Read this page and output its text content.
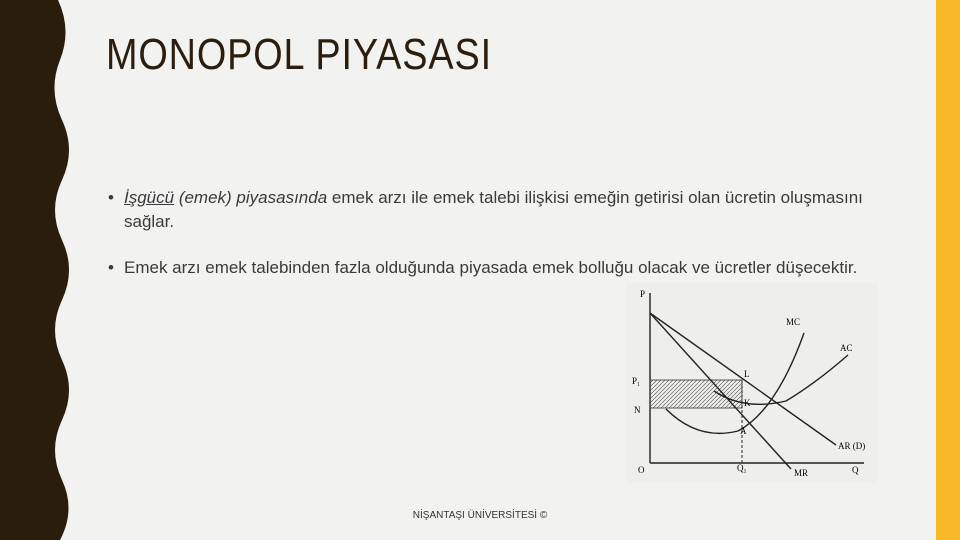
MONOPOL PIYASASI
• İşgücü (emek) piyasasında emek arzı ile emek talebi ilişkisi emeğin getirisi olan ücretin oluşmasını sağlar.
• Emek arzı emek talebinden fazla olduğunda piyasada emek bolluğu olacak ve ücretler düşecektir.
P
Q
O
P₁
N
Q₁
MC
AC
L
K
A
AR (D)
MR
NİŞANTAŞI ÜNİVERSİTESİ ©
